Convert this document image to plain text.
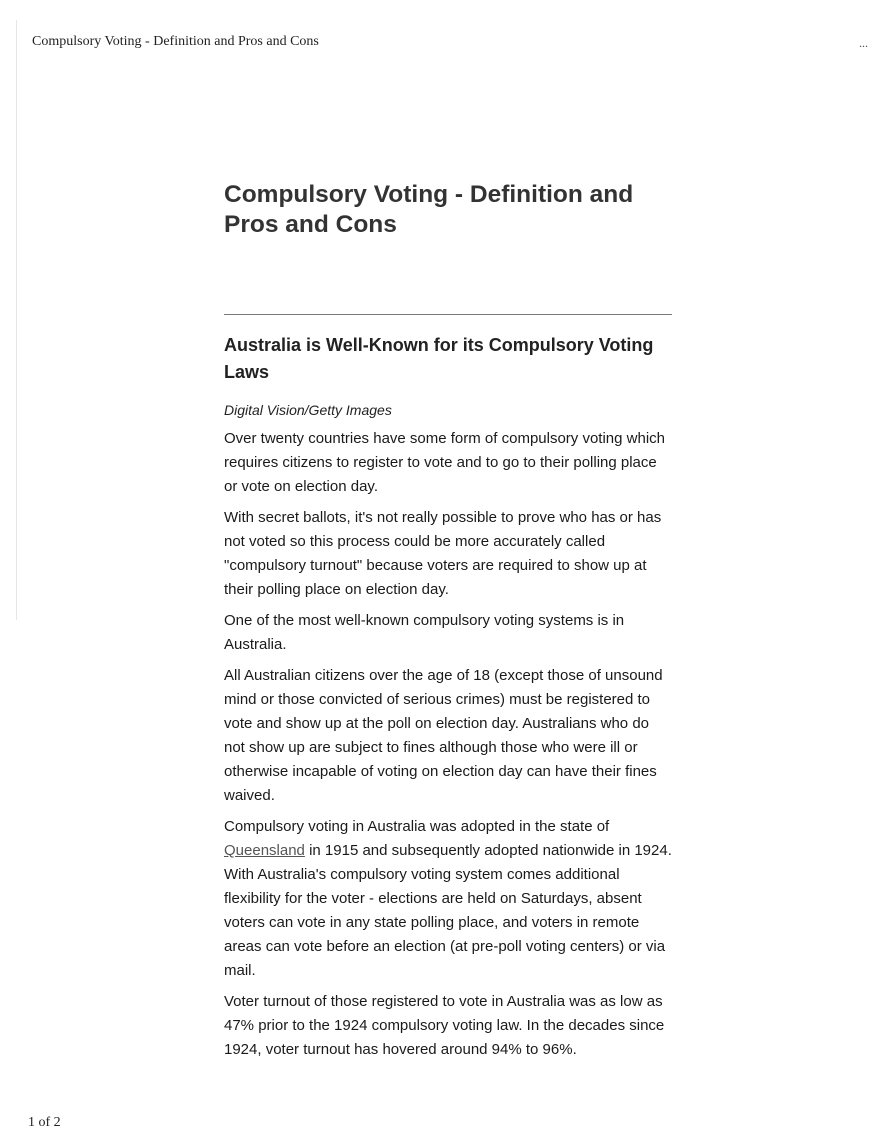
Compulsory Voting - Definition and Pros and Cons	...
Compulsory Voting - Definition and Pros and Cons
Australia is Well-Known for its Compulsory Voting Laws

Digital Vision/Getty Images

Over twenty countries have some form of compulsory voting which requires citizens to register to vote and to go to their polling place or vote on election day.

With secret ballots, it's not really possible to prove who has or has not voted so this process could be more accurately called "compulsory turnout" because voters are required to show up at their polling place on election day.

One of the most well-known compulsory voting systems is in Australia.

All Australian citizens over the age of 18 (except those of unsound mind or those convicted of serious crimes) must be registered to vote and show up at the poll on election day. Australians who do not show up are subject to fines although those who were ill or otherwise incapable of voting on election day can have their fines waived.

Compulsory voting in Australia was adopted in the state of Queensland in 1915 and subsequently adopted nationwide in 1924. With Australia's compulsory voting system comes additional flexibility for the voter - elections are held on Saturdays, absent voters can vote in any state polling place, and voters in remote areas can vote before an election (at pre-poll voting centers) or via mail.

Voter turnout of those registered to vote in Australia was as low as 47% prior to the 1924 compulsory voting law. In the decades since 1924, voter turnout has hovered around 94% to 96%.

1 of 2
